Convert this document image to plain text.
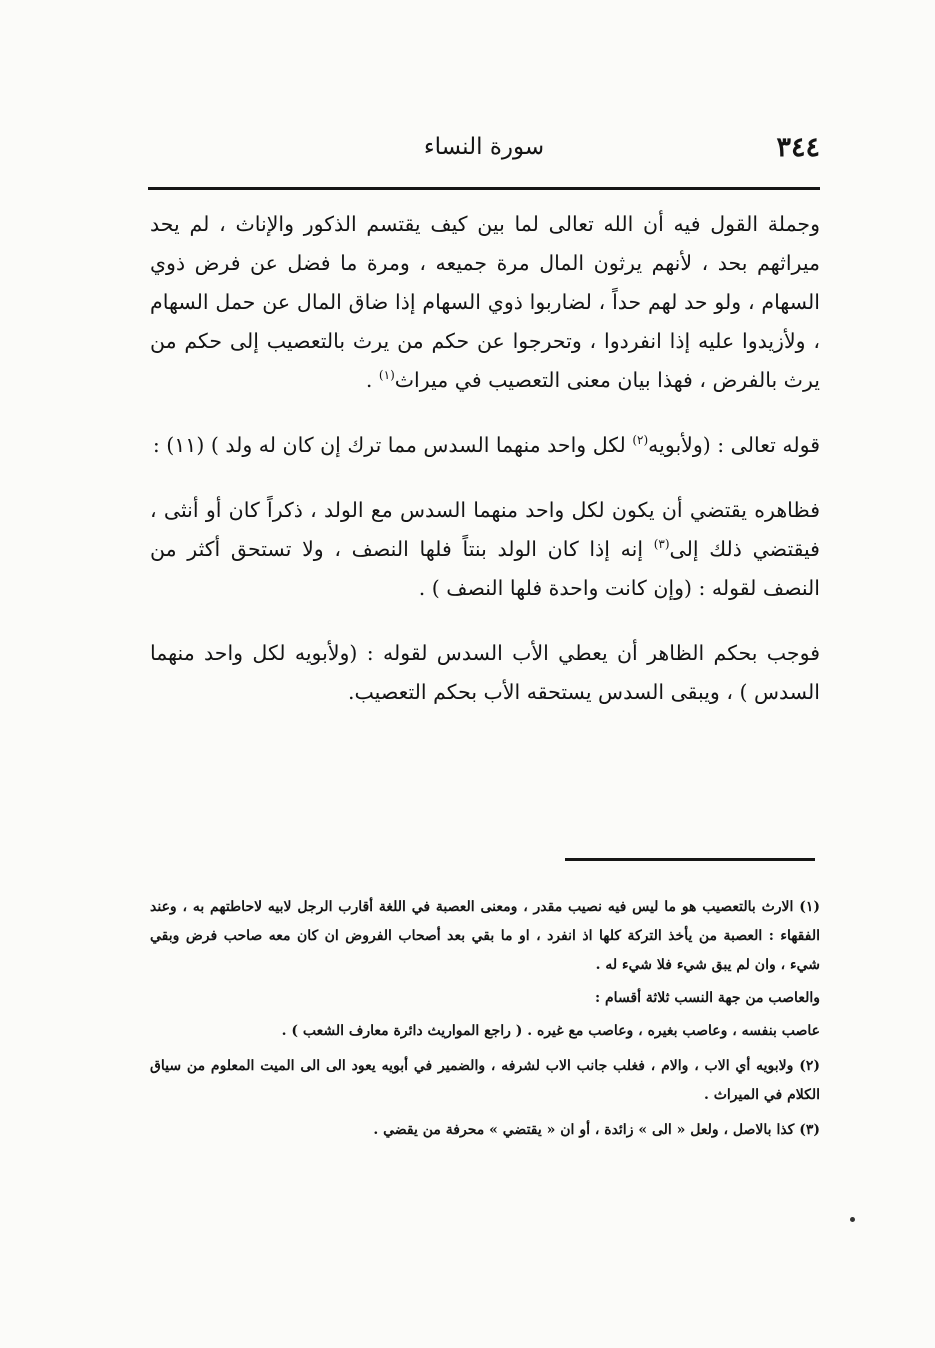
٣٤٤
سورة النساء

وجملة القول فيه أن الله تعالى لما بين كيف يقتسم الذكور والإناث ، لم يحد ميراثهم بحد ، لأنهم يرثون المال مرة جميعه ، ومرة ما فضل عن فرض ذوي السهام ، ولو حد لهم حداً ، لضاربوا ذوي السهام إذا ضاق المال عن حمل السهام ، ولأزيدوا عليه إذا انفردوا ، وتحرجوا عن حكم من يرث بالتعصيب إلى حكم من يرث بالفرض ، فهذا بيان معنى التعصيب في ميراث$^{(١)}$ .

قوله تعالى : (ولأبويه$^{(٢)}$ لكل واحد منهما السدس مما ترك إن كان له ولد ) (١١) :

فظاهره يقتضي أن يكون لكل واحد منهما السدس مع الولد ، ذكراً كان أو أنثى ، فيقتضي ذلك إلى$^{(٣)}$ إنه إذا كان الولد بنتاً فلها النصف ، ولا تستحق أكثر من النصف لقوله : (وإن كانت واحدة فلها النصف ) .

فوجب بحكم الظاهر أن يعطي الأب السدس لقوله : (ولأبويه لكل واحد منهما السدس ) ، ويبقى السدس يستحقه الأب بحكم التعصيب.

(١) الارث بالتعصيب هو ما ليس فيه نصيب مقدر ، ومعنى العصبة في اللغة أقارب الرجل لابيه لاحاطتهم به ، وعند الفقهاء : العصبة من يأخذ التركة كلها اذ انفرد ، او ما بقي بعد أصحاب الفروض ان كان معه صاحب فرض وبقي شيء ، وان لم يبق شيء فلا شيء له .

والعاصب من جهة النسب ثلاثة أقسام :

عاصب بنفسه ، وعاصب بغيره ، وعاصب مع غيره . ( راجع المواريث دائرة معارف الشعب ) .

(٢) ولابويه أي الاب ، والام ، فغلب جانب الاب لشرفه ، والضمير في أبويه يعود الى الى الميت المعلوم من سياق الكلام في الميراث .

(٣) كذا بالاصل ، ولعل « الى » زائدة ، أو ان « يقتضي » محرفة من يقضي .
